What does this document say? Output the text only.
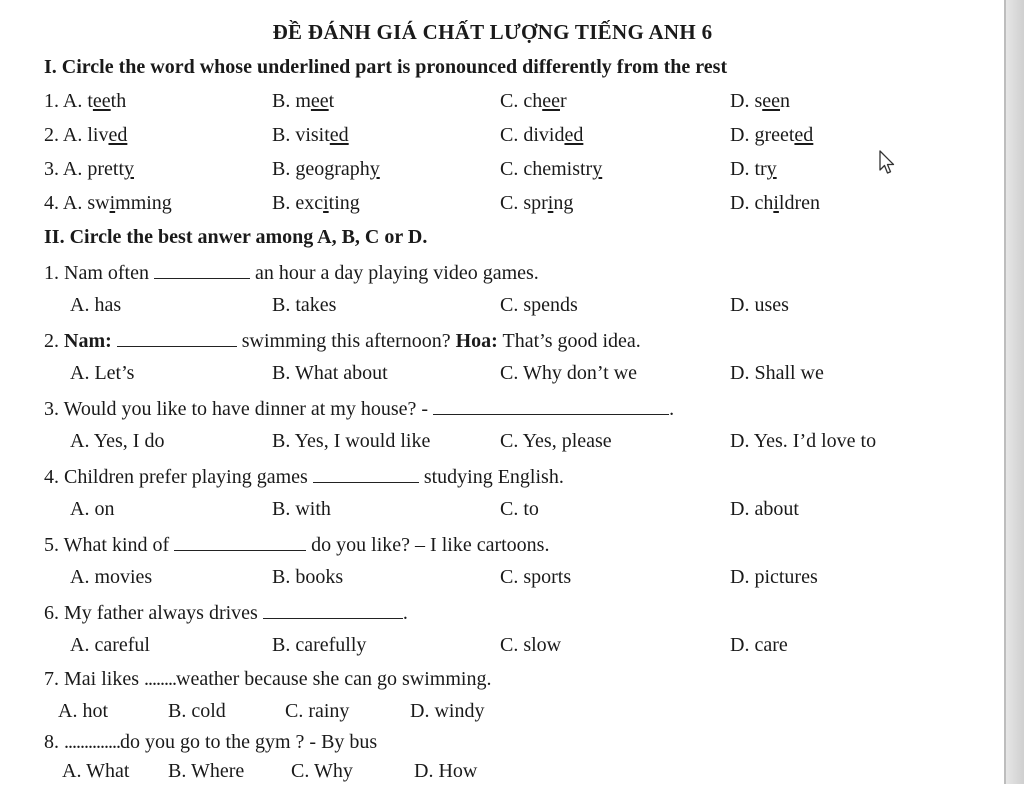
ĐỀ ĐÁNH GIÁ CHẤT LƯỢNG TIẾNG ANH 6
I. Circle the word whose underlined part is pronounced differently from the rest
1. A. teeth	B. meet	C. cheer	D. seen
2. A. lived	B. visited	C. divided	D. greeted
3. A. pretty	B. geography	C. chemistry	D. try
4. A. swimming	B. exciting	C. spring	D. children
II. Circle the best anwer among A, B, C or D.
1. Nam often	an hour a day playing video games.
A. has	B. takes	C. spends	D. uses
2. Nam:	swimming this afternoon? Hoa: That’s good idea.
A. Let’s	B. What about	C. Why don’t we	D. Shall we
3. Would you like to have dinner at my house? -	.
A. Yes, I do	B. Yes, I would like	C. Yes, please	D. Yes. I’d love to
4. Children prefer playing games	studying English.
A. on	B. with	C. to	D. about
5. What kind of	do you like? – I like cartoons.
A. movies	B. books	C. sports	D. pictures
6. My father always drives	.
A. careful	B. carefully	C. slow	D. care
7. Mai likes ........weather because she can go swimming.
A. hot	B. cold	C. rainy	D. windy
8. ..............do you go to the gym ? - By bus
A. What B. Where C. Why	D. How
